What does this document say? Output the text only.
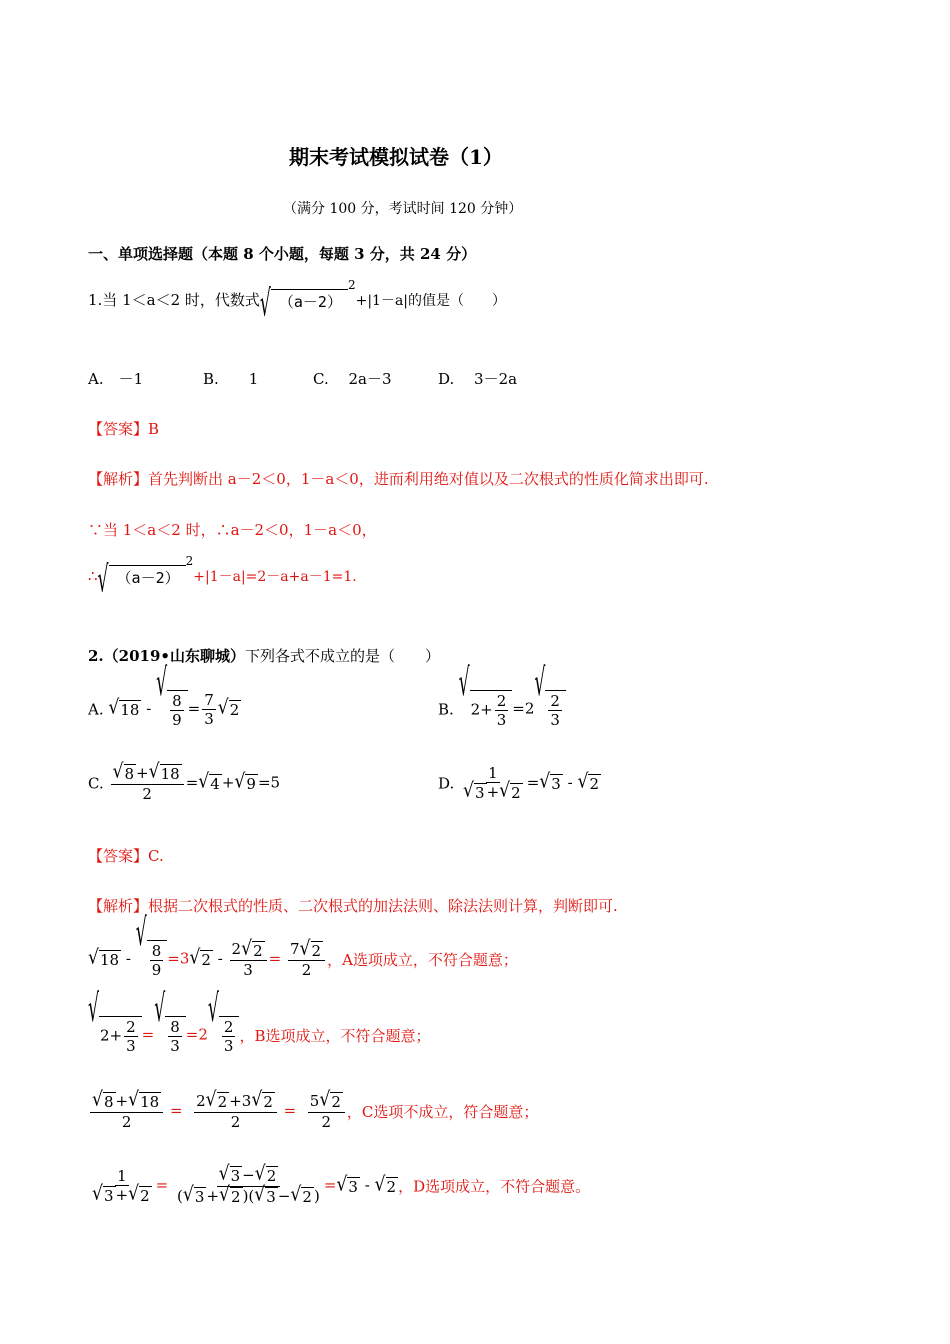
期末考试模拟试卷（1）
（满分 100 分，考试时间 120 分钟）
一、单项选择题（本题 8 个小题，每题 3 分，共 24 分）
1.当 1＜a＜2 时，代数式 √ （a－2）
$^2$+|1－a|的值是（　　）
A.　－1	B.　　1	C.　 2a－3	D.　 3－2a
【答案】B
【解析】首先判断出 a－2＜0，1－a＜0，进而利用绝对值以及二次根式的性质化简求出即可.
∵当 1＜a＜2 时，∴a－2＜0，1－a＜0，
∴ √ （a－2）
$^2$+|1－a|=2－a+a－1=1.
2.（2019•山东聊城）下列各式不成立的是（　　）
A. √ 18 -
√
$\frac{8}{9} = \frac{7}{3}$ √ 2	B.
√
$2+ \frac{2}{3} =2$
√
$\frac{2}{3}$
C. $\frac{√ 8 + √ 18}{2}$ = √ 4 + √ 9 =5	D. $\frac{1}{√ 3 + √ 2}$ = √ 3 - √ 2
【答案】C.
【解析】根据二次根式的性质、二次根式的加法法则、除法法则计算，判断即可.
√ 18 -
√
$\frac{8}{9} =3$ √ $2 - \frac{2 √ 2}{3} = \frac{7 √ 2}{2}$ ，A选项成立，不符合题意；
√
$2+ \frac{2}{3}$ =
√
$\frac{8}{3} =2$
√
$\frac{2}{3}$ ，B选项成立，不符合题意；
$\frac{√ 8 + √ 18}{2} = \frac{2 √ 2 +3 √ 2}{2} = \frac{5 √ 2}{2}$ ，C选项不成立，符合题意；
$\frac{1}{√ 3 + √ 2} = \frac{√ 3 - √ 2}{( √ 3 + √ 2 )( √ 3 - √ 2 )}$ = √ 3 - √ 2 ，D选项成立，不符合题意。
